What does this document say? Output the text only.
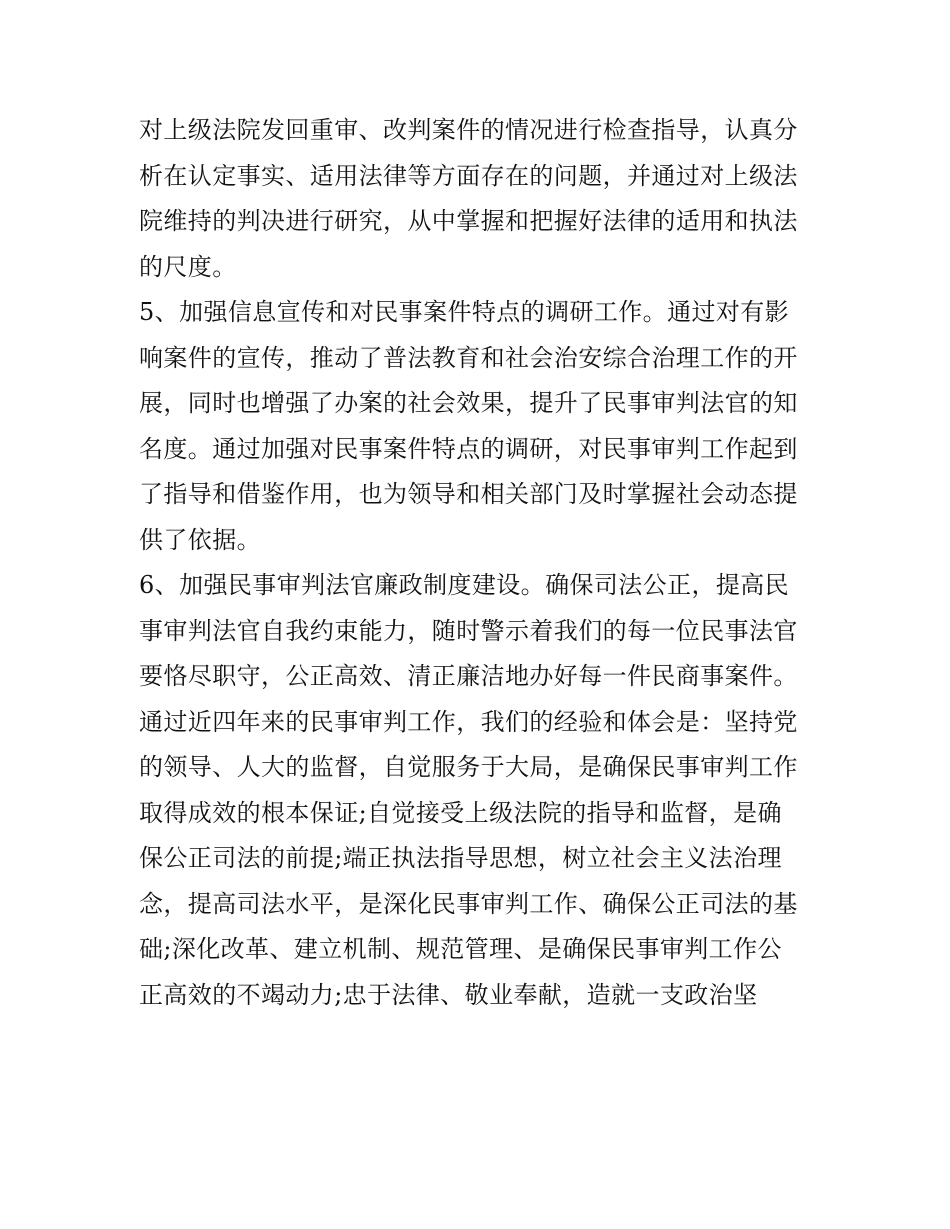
对上级法院发回重审、改判案件的情况进行检查指导，认真分
析在认定事实、适用法律等方面存在的问题，并通过对上级法
院维持的判决进行研究，从中掌握和把握好法律的适用和执法
的尺度。
5、加强信息宣传和对民事案件特点的调研工作。通过对有影
响案件的宣传，推动了普法教育和社会治安综合治理工作的开
展，同时也增强了办案的社会效果，提升了民事审判法官的知
名度。通过加强对民事案件特点的调研，对民事审判工作起到
了指导和借鉴作用，也为领导和相关部门及时掌握社会动态提
供了依据。
6、加强民事审判法官廉政制度建设。确保司法公正，提高民
事审判法官自我约束能力，随时警示着我们的每一位民事法官
要恪尽职守，公正高效、清正廉洁地办好每一件民商事案件。
通过近四年来的民事审判工作，我们的经验和体会是：坚持党
的领导、人大的监督，自觉服务于大局，是确保民事审判工作
取得成效的根本保证;自觉接受上级法院的指导和监督，是确
保公正司法的前提;端正执法指导思想，树立社会主义法治理
念，提高司法水平，是深化民事审判工作、确保公正司法的基
础;深化改革、建立机制、规范管理、是确保民事审判工作公
正高效的不竭动力;忠于法律、敬业奉献，造就一支政治坚
